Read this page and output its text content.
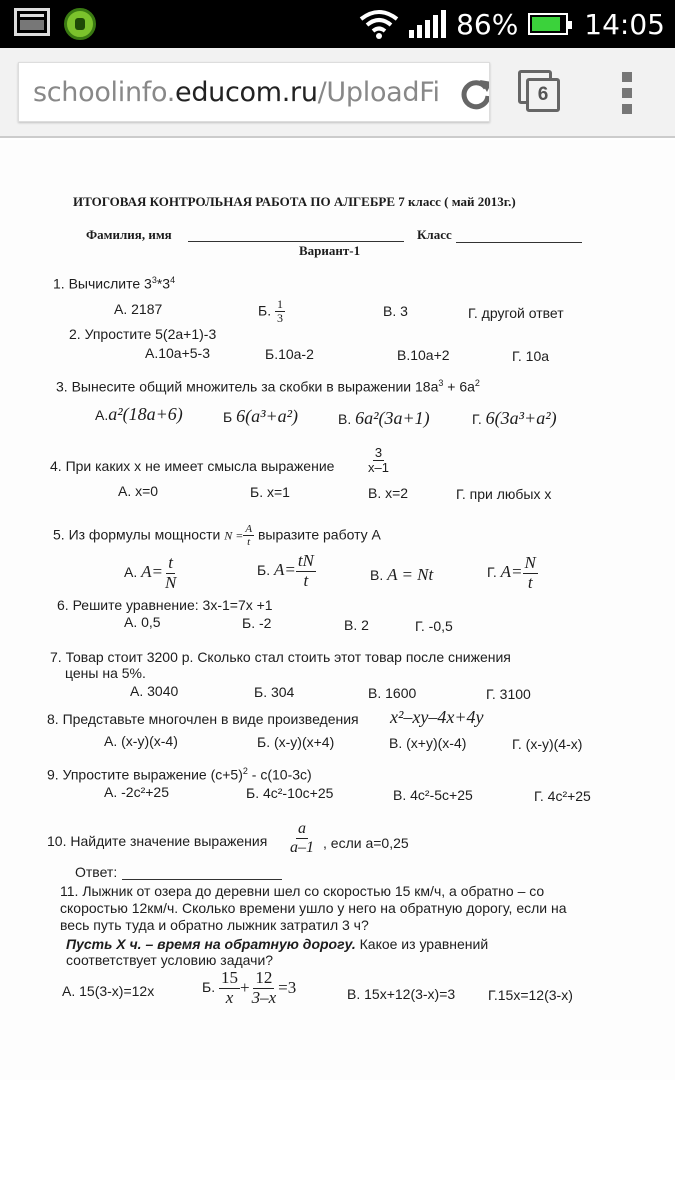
86% 14:05
schoolinfo.educom.ru/UploadFi	6
ИТОГОВАЯ КОНТРОЛЬНАЯ РАБОТА ПО АЛГЕБРЕ 7 класс ( май 2013г.)
Фамилия, имя	Класс
Вариант-1
1. Вычислите $3^3*3^4$
А. 2187	Б. $\frac{1}{3}$	В. 3	Г. другой ответ
2. Упростите 5(2a+1)-3
А.10a+5-3	Б.10a-2	В.10a+2	Г. 10a
3. Вынесите общий множитель за скобки в выражении $18a^3 + 6a^2$
А.a²(18a+6)	Б 6(a³+a²)	В. 6a²(3a+1)	Г. 6(3a³+a²)
4. При каких х не имеет смысла выражение $\frac{3}{x-1}$
А. х=0	Б. х=1	В. х=2	Г. при любых х
5. Из формулы мощности $N = \frac{A}{t}$ выразите работу А
А. $A= \frac{t}{N}$	Б. $A= \frac{tN}{t}$	В. A = Nt	Г. $A= \frac{N}{t}$
6. Решите уравнение: 3х-1=7х +1
А. 0,5	Б. -2	В. 2	Г. -0,5
7. Товар стоит 3200 р. Сколько стал стоить этот товар после снижения
цены на 5%.
А. 3040	Б. 304	В. 1600	Г. 3100
8. Представьте многочлен в виде произведения x²–xy–4x+4y
А. (x-y)(x-4)	Б. (x-y)(x+4)	В. (x+y)(x-4)	Г. (x-y)(4-x)
9. Упростите выражение $(c+5)^2 - c(10-3c)$
А. -2c²+25	Б. 4c²-10c+25	В. 4c²-5c+25	Г. 4c²+25
10. Найдите значение выражения $\frac{a}{a-1}$ , если а=0,25
Ответ:
11. Лыжник от озера до деревни шел со скоростью 15 км/ч, а обратно – со
скоростью 12км/ч. Сколько времени ушло у него на обратную дорогу, если на
весь путь туда и обратно лыжник затратил 3 ч?
Пусть Х ч. – время на обратную дорогу. Какое из уравнений
соответствует условию задачи?
А. 15(3-х)=12х	Б. $\frac{15}{x} + \frac{12}{3-x} =3$	В. 15х+12(3-х)=3 Г.15х=12(3-х)
